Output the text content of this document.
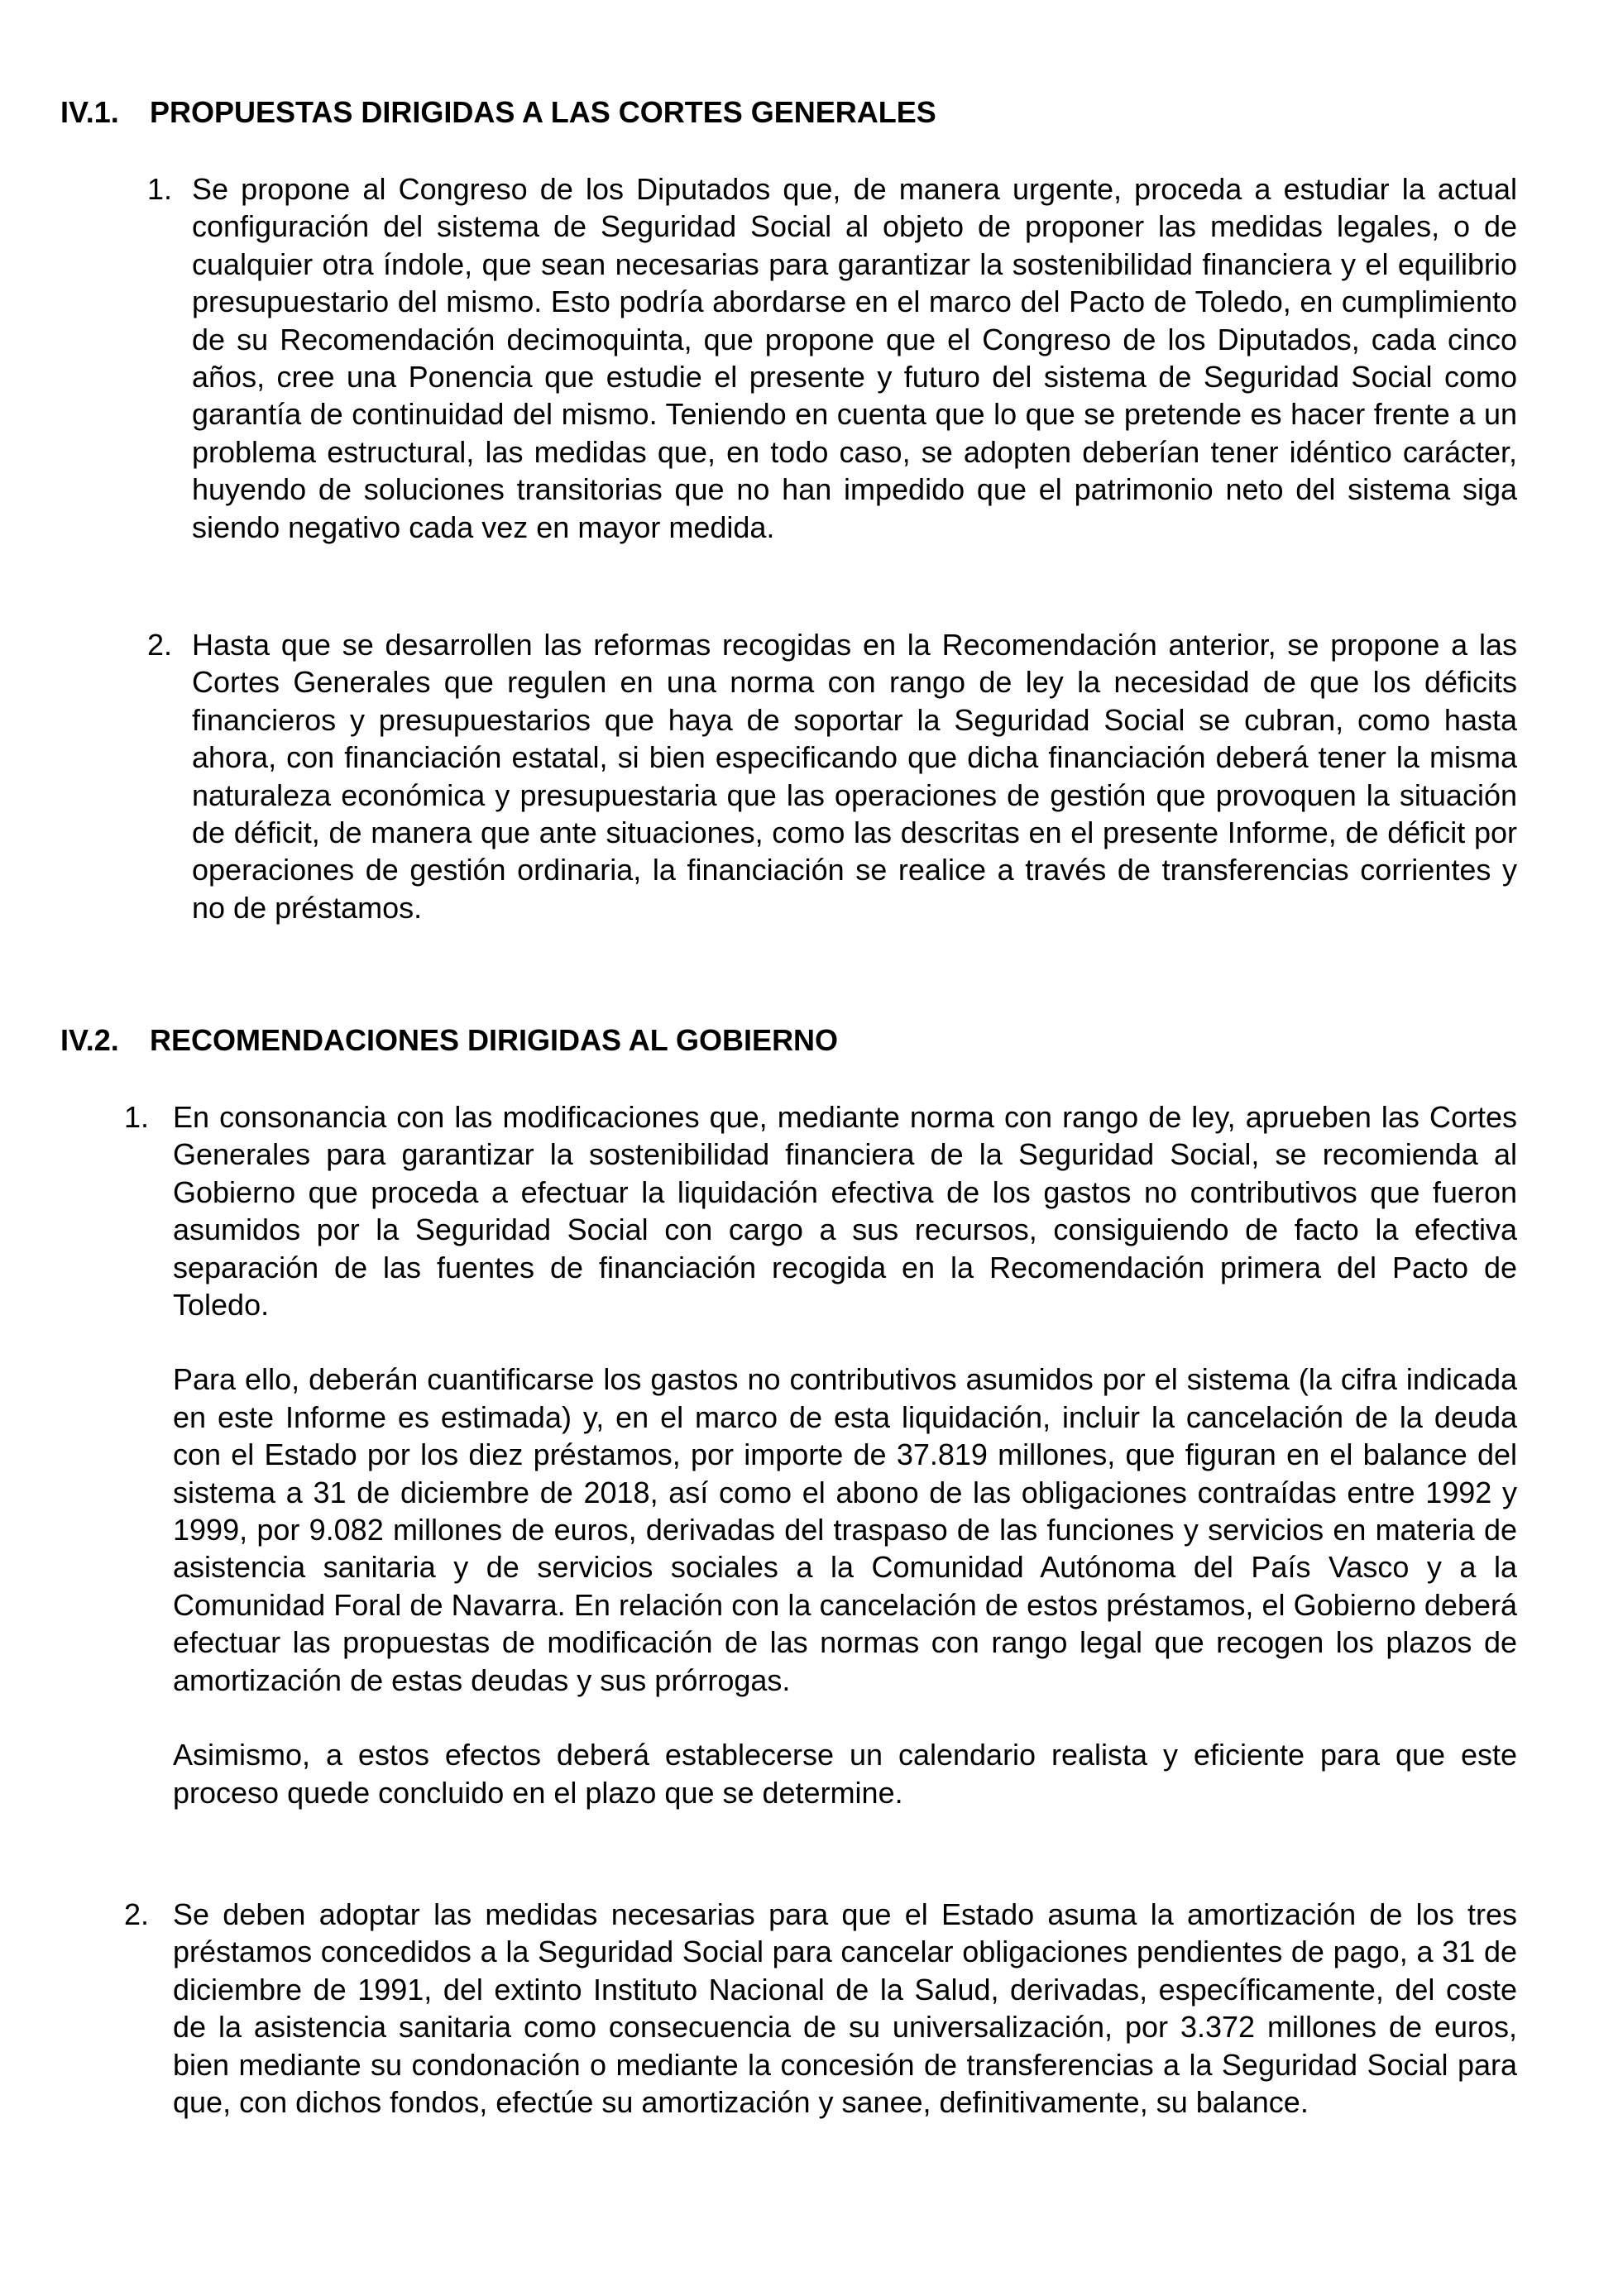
IV.1. PROPUESTAS DIRIGIDAS A LAS CORTES GENERALES
1. Se propone al Congreso de los Diputados que, de manera urgente, proceda a estudiar la actual configuración del sistema de Seguridad Social al objeto de proponer las medidas legales, o de cualquier otra índole, que sean necesarias para garantizar la sostenibilidad financiera y el equilibrio presupuestario del mismo. Esto podría abordarse en el marco del Pacto de Toledo, en cumplimiento de su Recomendación decimoquinta, que propone que el Congreso de los Diputados, cada cinco años, cree una Ponencia que estudie el presente y futuro del sistema de Seguridad Social como garantía de continuidad del mismo. Teniendo en cuenta que lo que se pretende es hacer frente a un problema estructural, las medidas que, en todo caso, se adopten deberían tener idéntico carácter, huyendo de soluciones transitorias que no han impedido que el patrimonio neto del sistema siga siendo negativo cada vez en mayor medida.

2. Hasta que se desarrollen las reformas recogidas en la Recomendación anterior, se propone a las Cortes Generales que regulen en una norma con rango de ley la necesidad de que los déficits financieros y presupuestarios que haya de soportar la Seguridad Social se cubran, como hasta ahora, con financiación estatal, si bien especificando que dicha financiación deberá tener la misma naturaleza económica y presupuestaria que las operaciones de gestión que provoquen la situación de déficit, de manera que ante situaciones, como las descritas en el presente Informe, de déficit por operaciones de gestión ordinaria, la financiación se realice a través de transferencias corrientes y no de préstamos.

IV.2. RECOMENDACIONES DIRIGIDAS AL GOBIERNO
1. En consonancia con las modificaciones que, mediante norma con rango de ley, aprueben las Cortes Generales para garantizar la sostenibilidad financiera de la Seguridad Social, se recomienda al Gobierno que proceda a efectuar la liquidación efectiva de los gastos no contributivos que fueron asumidos por la Seguridad Social con cargo a sus recursos, consiguiendo de facto la efectiva separación de las fuentes de financiación recogida en la Recomendación primera del Pacto de Toledo.

Para ello, deberán cuantificarse los gastos no contributivos asumidos por el sistema (la cifra indicada en este Informe es estimada) y, en el marco de esta liquidación, incluir la cancelación de la deuda con el Estado por los diez préstamos, por importe de 37.819 millones, que figuran en el balance del sistema a 31 de diciembre de 2018, así como el abono de las obligaciones contraídas entre 1992 y 1999, por 9.082 millones de euros, derivadas del traspaso de las funciones y servicios en materia de asistencia sanitaria y de servicios sociales a la Comunidad Autónoma del País Vasco y a la Comunidad Foral de Navarra. En relación con la cancelación de estos préstamos, el Gobierno deberá efectuar las propuestas de modificación de las normas con rango legal que recogen los plazos de amortización de estas deudas y sus prórrogas.

Asimismo, a estos efectos deberá establecerse un calendario realista y eficiente para que este proceso quede concluido en el plazo que se determine.

2. Se deben adoptar las medidas necesarias para que el Estado asuma la amortización de los tres préstamos concedidos a la Seguridad Social para cancelar obligaciones pendientes de pago, a 31 de diciembre de 1991, del extinto Instituto Nacional de la Salud, derivadas, específicamente, del coste de la asistencia sanitaria como consecuencia de su universalización, por 3.372 millones de euros, bien mediante su condonación o mediante la concesión de transferencias a la Seguridad Social para que, con dichos fondos, efectúe su amortización y sanee, definitivamente, su balance.
